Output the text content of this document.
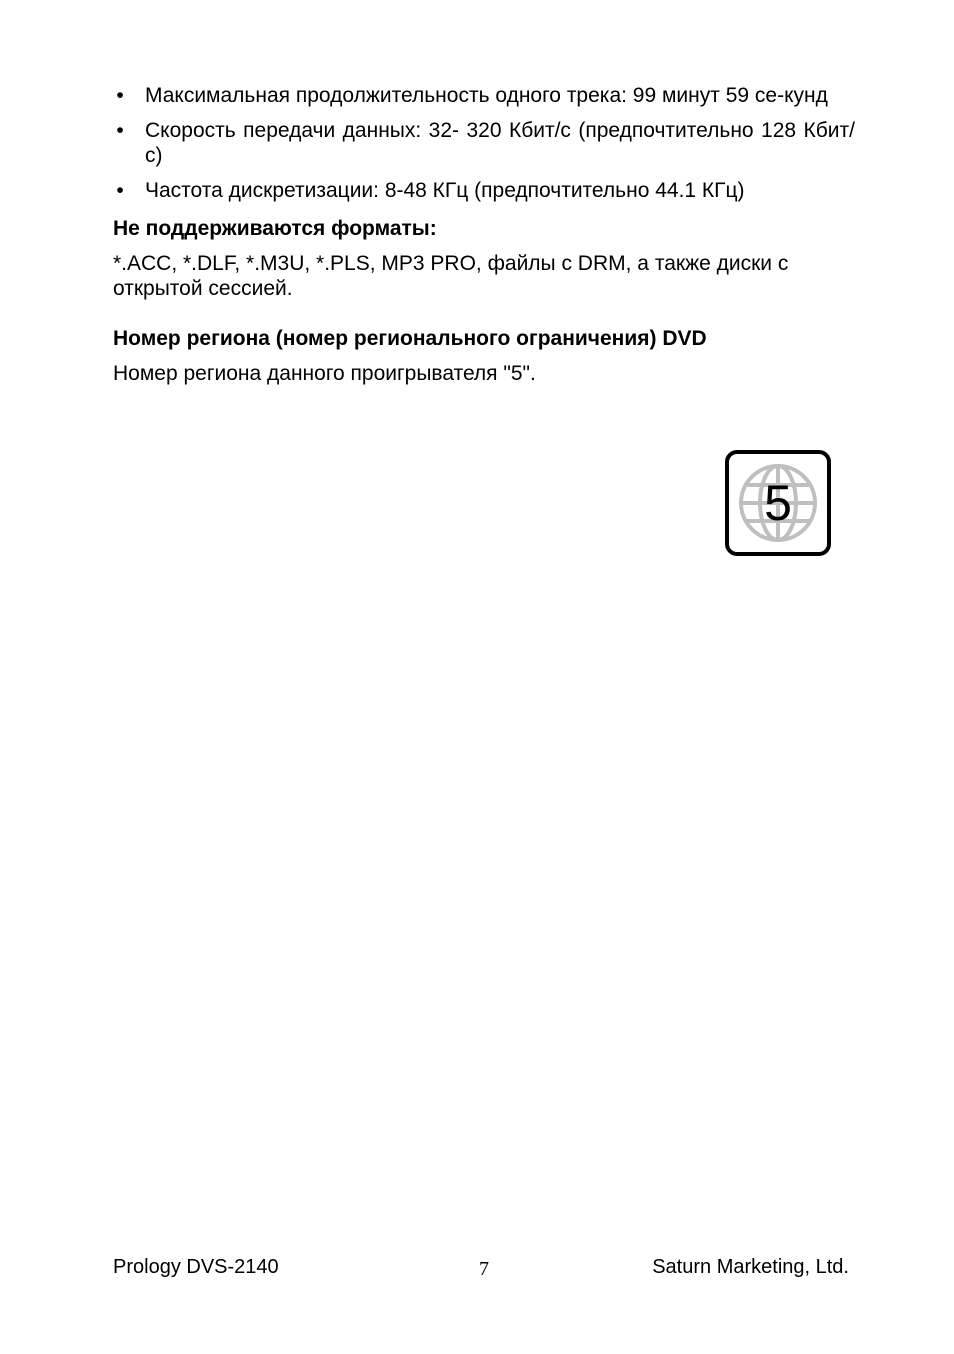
• Максимальная продолжительность одного трека: 99 минут 59 се-кунд
• Скорость передачи данных: 32- 320 Кбит/с (предпочтительно 128 Кбит/с)
• Частота дискретизации: 8-48 КГц (предпочтительно 44.1 КГц)

Не поддерживаются форматы:

*.ACC, *.DLF, *.M3U, *.PLS, MP3 PRO, файлы с DRM, а также диски с открытой сессией.

Номер региона (номер регионального ограничения) DVD

Номер региона данного проигрывателя "5".

5
Prology DVS-2140	7	Saturn Marketing, Ltd.
